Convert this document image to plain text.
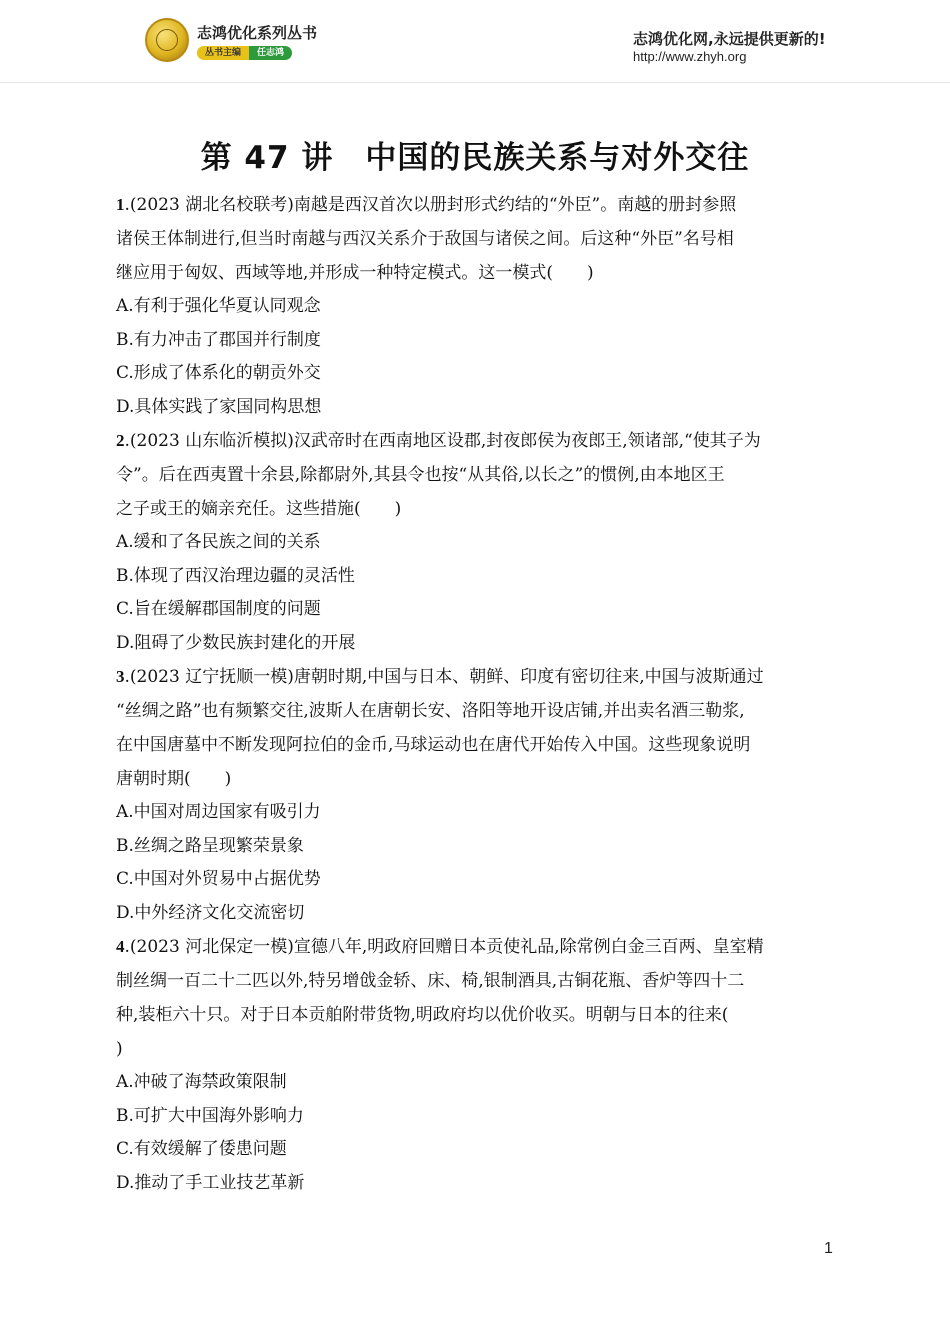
志鸿优化系列丛书
丛书主编	任志鸿
志鸿优化网,永远提供更新的!
http://www.zhyh.org
第 47 讲　中国的民族关系与对外交往
1.(2023 湖北名校联考)南越是西汉首次以册封形式约结的“外臣”。南越的册封参照
诸侯王体制进行,但当时南越与西汉关系介于敌国与诸侯之间。后这种“外臣”名号相
继应用于匈奴、西域等地,并形成一种特定模式。这一模式(　　)
A.有利于强化华夏认同观念
B.有力冲击了郡国并行制度
C.形成了体系化的朝贡外交
D.具体实践了家国同构思想
2.(2023 山东临沂模拟)汉武帝时在西南地区设郡,封夜郎侯为夜郎王,领诸部,“使其子为
令”。后在西夷置十余县,除都尉外,其县令也按“从其俗,以长之”的惯例,由本地区王
之子或王的嫡亲充任。这些措施(　　)
A.缓和了各民族之间的关系
B.体现了西汉治理边疆的灵活性
C.旨在缓解郡国制度的问题
D.阻碍了少数民族封建化的开展
3.(2023 辽宁抚顺一模)唐朝时期,中国与日本、朝鲜、印度有密切往来,中国与波斯通过
“丝绸之路”也有频繁交往,波斯人在唐朝长安、洛阳等地开设店铺,并出卖名酒三勒浆,
在中国唐墓中不断发现阿拉伯的金币,马球运动也在唐代开始传入中国。这些现象说明
唐朝时期(　　)
A.中国对周边国家有吸引力
B.丝绸之路呈现繁荣景象
C.中国对外贸易中占据优势
D.中外经济文化交流密切
4.(2023 河北保定一模)宣德八年,明政府回赠日本贡使礼品,除常例白金三百两、皇室精
制丝绸一百二十二匹以外,特另增戗金轿、床、椅,银制酒具,古铜花瓶、香炉等四十二
种,装柜六十只。对于日本贡舶附带货物,明政府均以优价收买。明朝与日本的往来(
)
A.冲破了海禁政策限制
B.可扩大中国海外影响力
C.有效缓解了倭患问题
D.推动了手工业技艺革新
1
